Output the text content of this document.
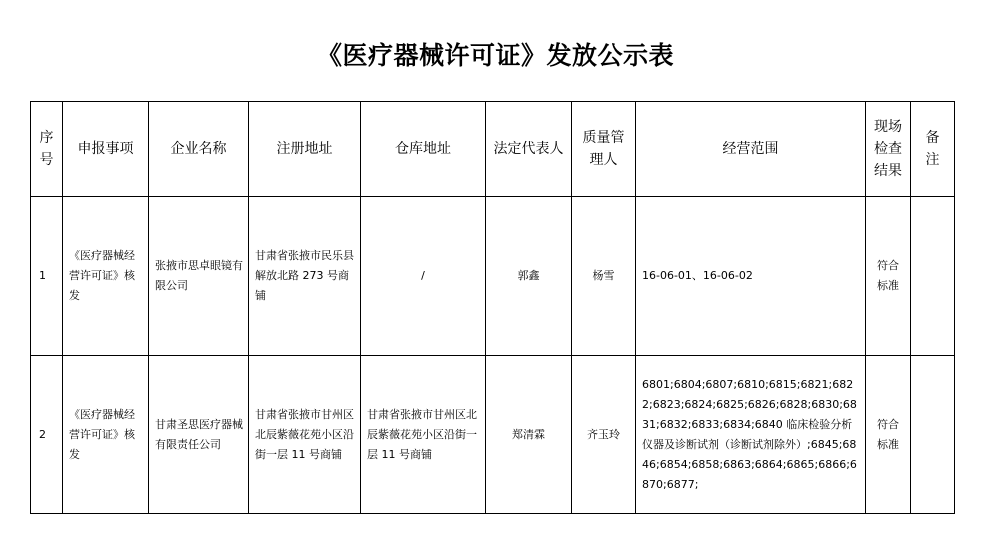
《医疗器械许可证》发放公示表
序号	申报事项	企业名称	注册地址	仓库地址	法定代表人	质量管理人	经营范围	现场检查结果	备注

1	《医疗器械经营许可证》核发	张掖市思卓眼镜有限公司	甘肃省张掖市民乐县解放北路 273 号商铺	/	郭鑫	杨雪	16-06-01、16-06-02	符合标准	

2	《医疗器械经营许可证》核发	甘肃圣思医疗器械有限责任公司	甘肃省张掖市甘州区北辰紫薇花苑小区沿街一层 11 号商铺	甘肃省张掖市甘州区北辰紫薇花苑小区沿街一层 11 号商铺	郑清霖	齐玉玲	6801;6804;6807;6810;6815;6821;6822;6823;6824;6825;6826;6828;6830;6831;6832;6833;6834;6840 临床检验分析仪器及诊断试剂（诊断试剂除外）;6845;6846;6854;6858;6863;6864;6865;6866;6870;6877;	符合标准	
